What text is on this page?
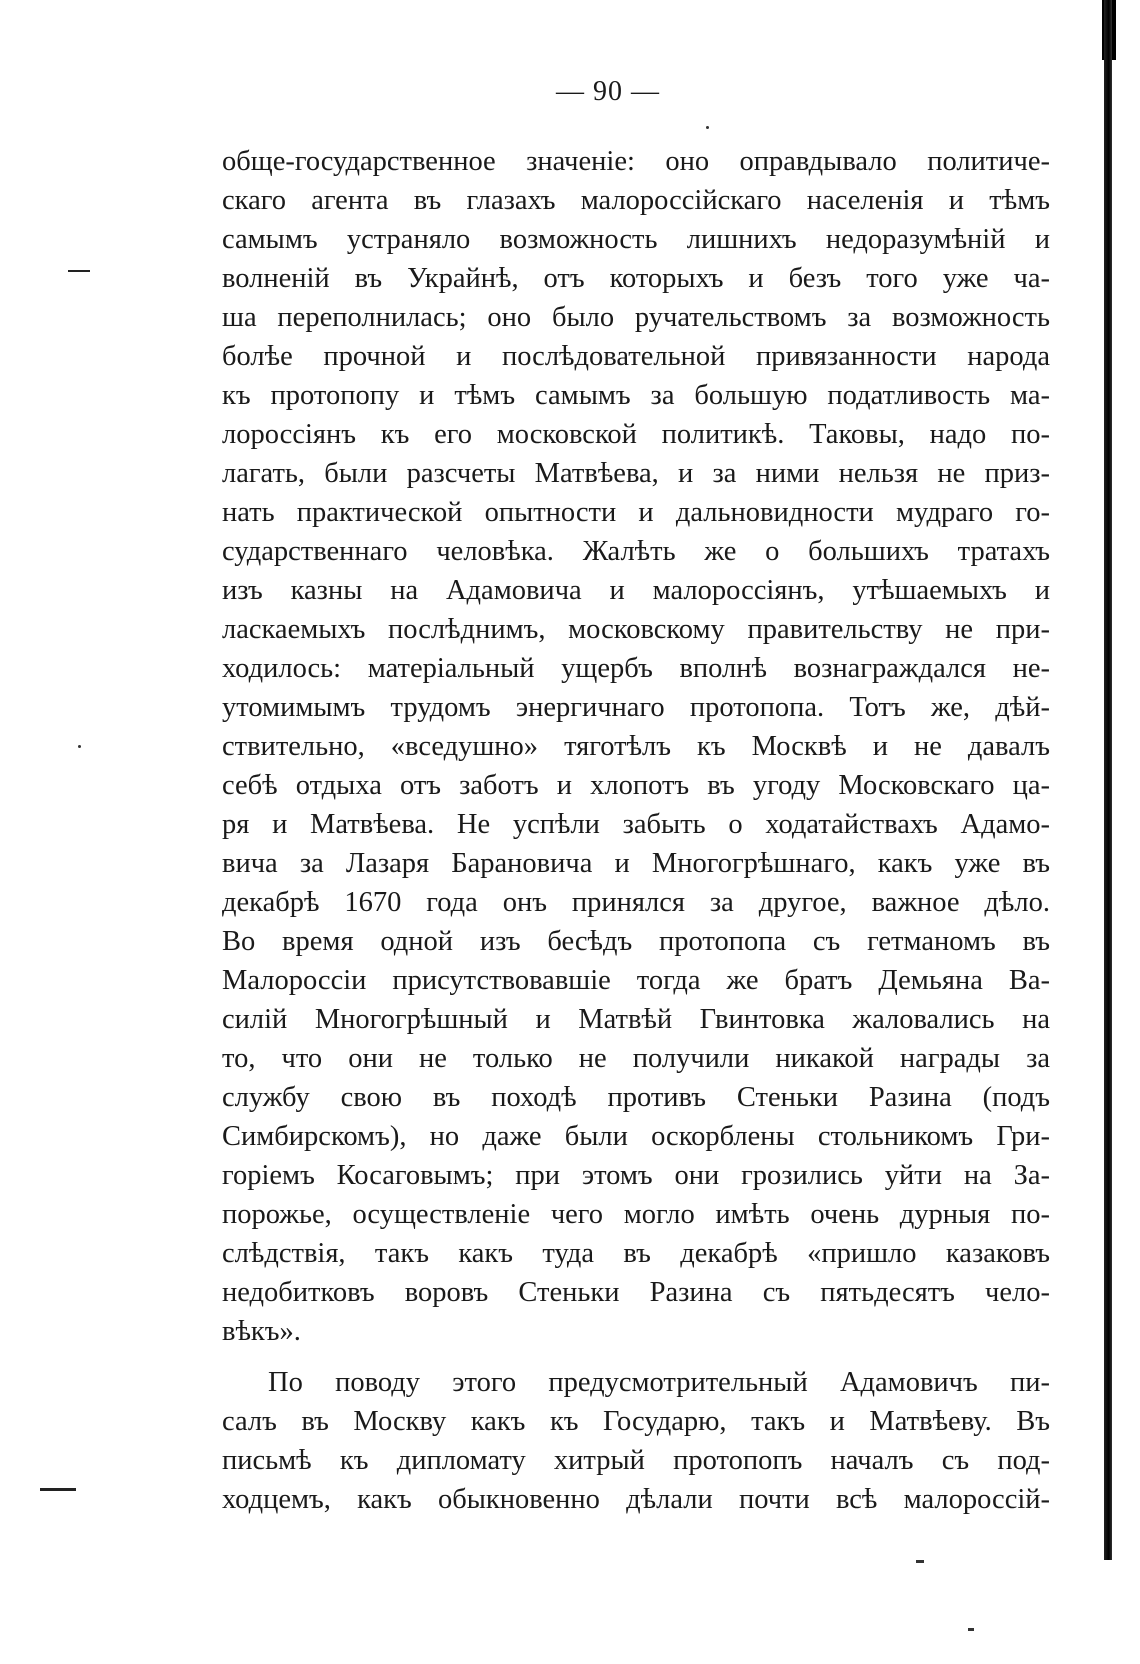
— 90 —
обще-государственное значеніе: оно оправдывало политиче-
скаго агента въ глазахъ малороссійскаго населенія и тѣмъ
самымъ устраняло возможность лишнихъ недоразумѣній и
волненій въ Украйнѣ, отъ которыхъ и безъ того уже ча-
ша переполнилась; оно было ручательствомъ за возможность
болѣе прочной и послѣдовательной привязанности народа
къ протопопу и тѣмъ самымъ за большую податливость ма-
лороссіянъ къ его московской политикѣ. Таковы, надо по-
лагать, были разсчеты Матвѣева, и за ними нельзя не приз-
нать практической опытности и дальновидности мудраго го-
сударственнаго человѣка. Жалѣть же о большихъ тратахъ
изъ казны на Адамовича и малороссіянъ, утѣшаемыхъ и
ласкаемыхъ послѣднимъ, московскому правительству не при-
ходилось: матеріальный ущербъ вполнѣ вознаграждался не-
утомимымъ трудомъ энергичнаго протопопа. Тотъ же, дѣй-
ствительно, «вседушно» тяготѣлъ къ Москвѣ и не давалъ
себѣ отдыха отъ заботъ и хлопотъ въ угоду Московскаго ца-
ря и Матвѣева. Не успѣли забыть о ходатайствахъ Адамо-
вича за Лазаря Барановича и Многогрѣшнаго, какъ уже въ
декабрѣ 1670 года онъ принялся за другое, важное дѣло.
Во время одной изъ бесѣдъ протопопа съ гетманомъ въ
Малороссіи присутствовавшіе тогда же братъ Демьяна Ва-
силій Многогрѣшный и Матвѣй Гвинтовка жаловались на
то, что они не только не получили никакой награды за
службу свою въ походѣ противъ Стеньки Разина (подъ
Симбирскомъ), но даже были оскорблены стольникомъ Гри-
горіемъ Косаговымъ; при этомъ они грозились уйти на За-
порожье, осуществленіе чего могло имѣть очень дурныя по-
слѣдствія, такъ какъ туда въ декабрѣ «пришло казаковъ
недобитковъ воровъ Стеньки Разина съ пятьдесятъ чело-
вѣкъ».
По поводу этого предусмотрительный Адамовичъ пи-
салъ въ Москву какъ къ Государю, такъ и Матвѣеву. Въ
письмѣ къ дипломату хитрый протопопъ началъ съ под-
ходцемъ, какъ обыкновенно дѣлали почти всѣ малороссій-
